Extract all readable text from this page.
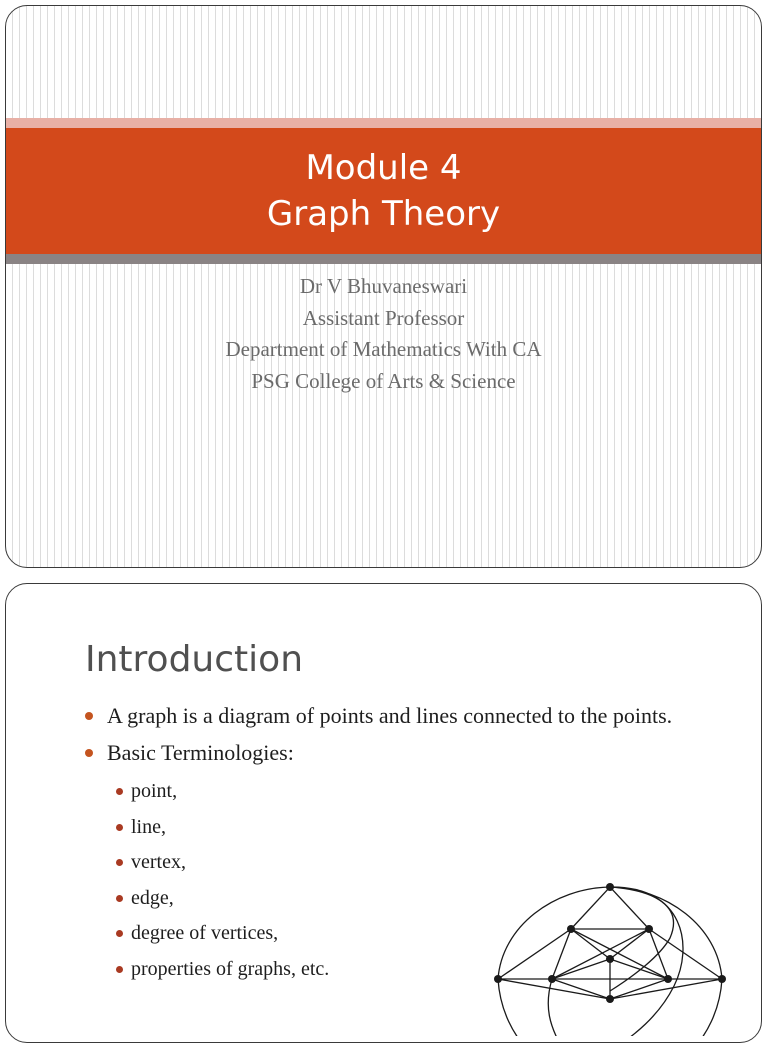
Module 4
Graph Theory
Dr V Bhuvaneswari
Assistant Professor
Department of Mathematics With CA
PSG College of Arts & Science
Introduction
A graph is a diagram of points and lines connected to the points.
Basic Terminologies:
point,
line,
vertex,
edge,
degree of vertices,
properties of graphs, etc.
